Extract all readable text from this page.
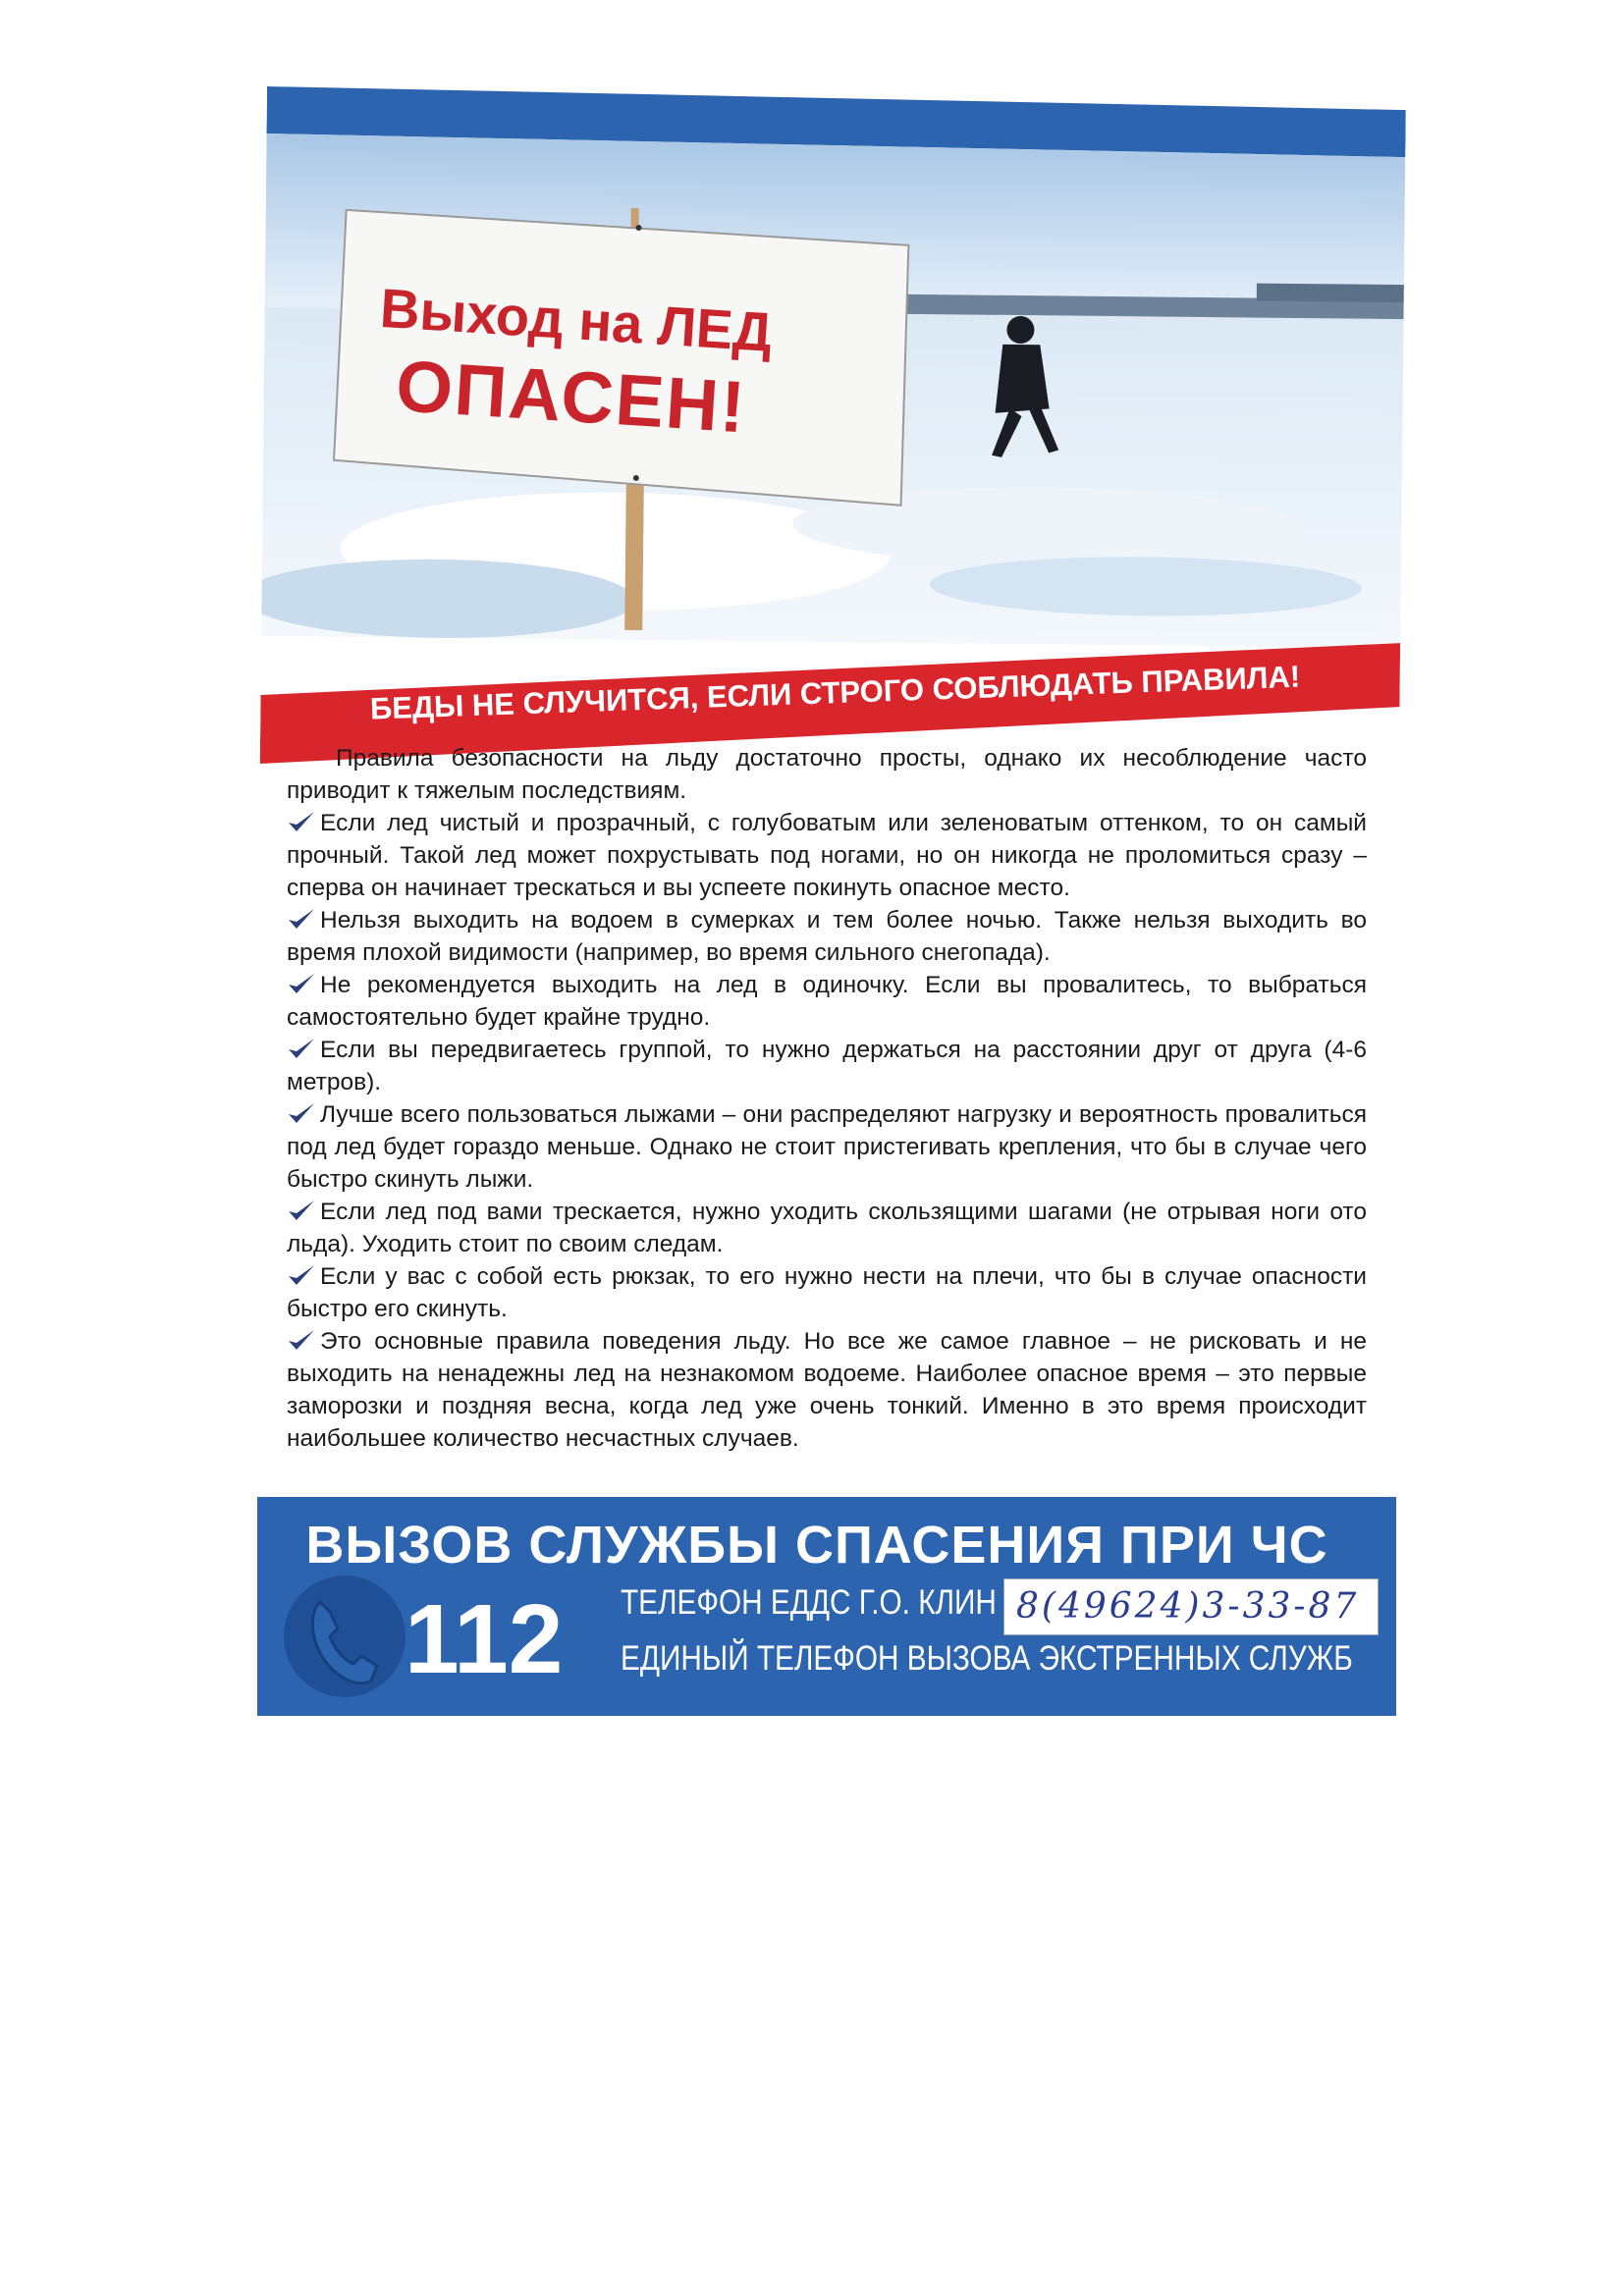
Выход на ЛЕД
ОПАСЕН!
БЕДЫ НЕ СЛУЧИТСЯ, ЕСЛИ СТРОГО СОБЛЮДАТЬ ПРАВИЛА!

Правила безопасности на льду достаточно просты, однако их несоблюдение часто приводит к тяжелым последствиям.

Если лед чистый и прозрачный, с голубоватым или зеленоватым оттенком, то он самый прочный. Такой лед может похрустывать под ногами, но он никогда не проломиться сразу – сперва он начинает трескаться и вы успеете покинуть опасное место.

Нельзя выходить на водоем в сумерках и тем более ночью. Также нельзя выходить во время плохой видимости (например, во время сильного снегопада).

Не рекомендуется выходить на лед в одиночку. Если вы провалитесь, то выбраться самостоятельно будет крайне трудно.

Если вы передвигаетесь группой, то нужно держаться на расстоянии друг от друга (4-6 метров).

Лучше всего пользоваться лыжами – они распределяют нагрузку и вероятность провалиться под лед будет гораздо меньше. Однако не стоит пристегивать крепления, что бы в случае чего быстро скинуть лыжи.

Если лед под вами трескается, нужно уходить скользящими шагами (не отрывая ноги ото льда). Уходить стоит по своим следам.

Если у вас с собой есть рюкзак, то его нужно нести на плечи, что бы в случае опасности быстро его скинуть.

Это основные правила поведения льду. Но все же самое главное – не рисковать и не выходить на ненадежны лед на незнакомом водоеме. Наиболее опасное время – это первые заморозки и поздняя весна, когда лед уже очень тонкий. Именно в это время происходит наибольшее количество несчастных случаев.

ВЫЗОВ СЛУЖБЫ СПАСЕНИЯ ПРИ ЧС
112 ТЕЛЕФОН ЕДДС Г.О. КЛИН 8(49624)3-33-87
ЕДИНЫЙ ТЕЛЕФОН ВЫЗОВА ЭКСТРЕННЫХ СЛУЖБ
